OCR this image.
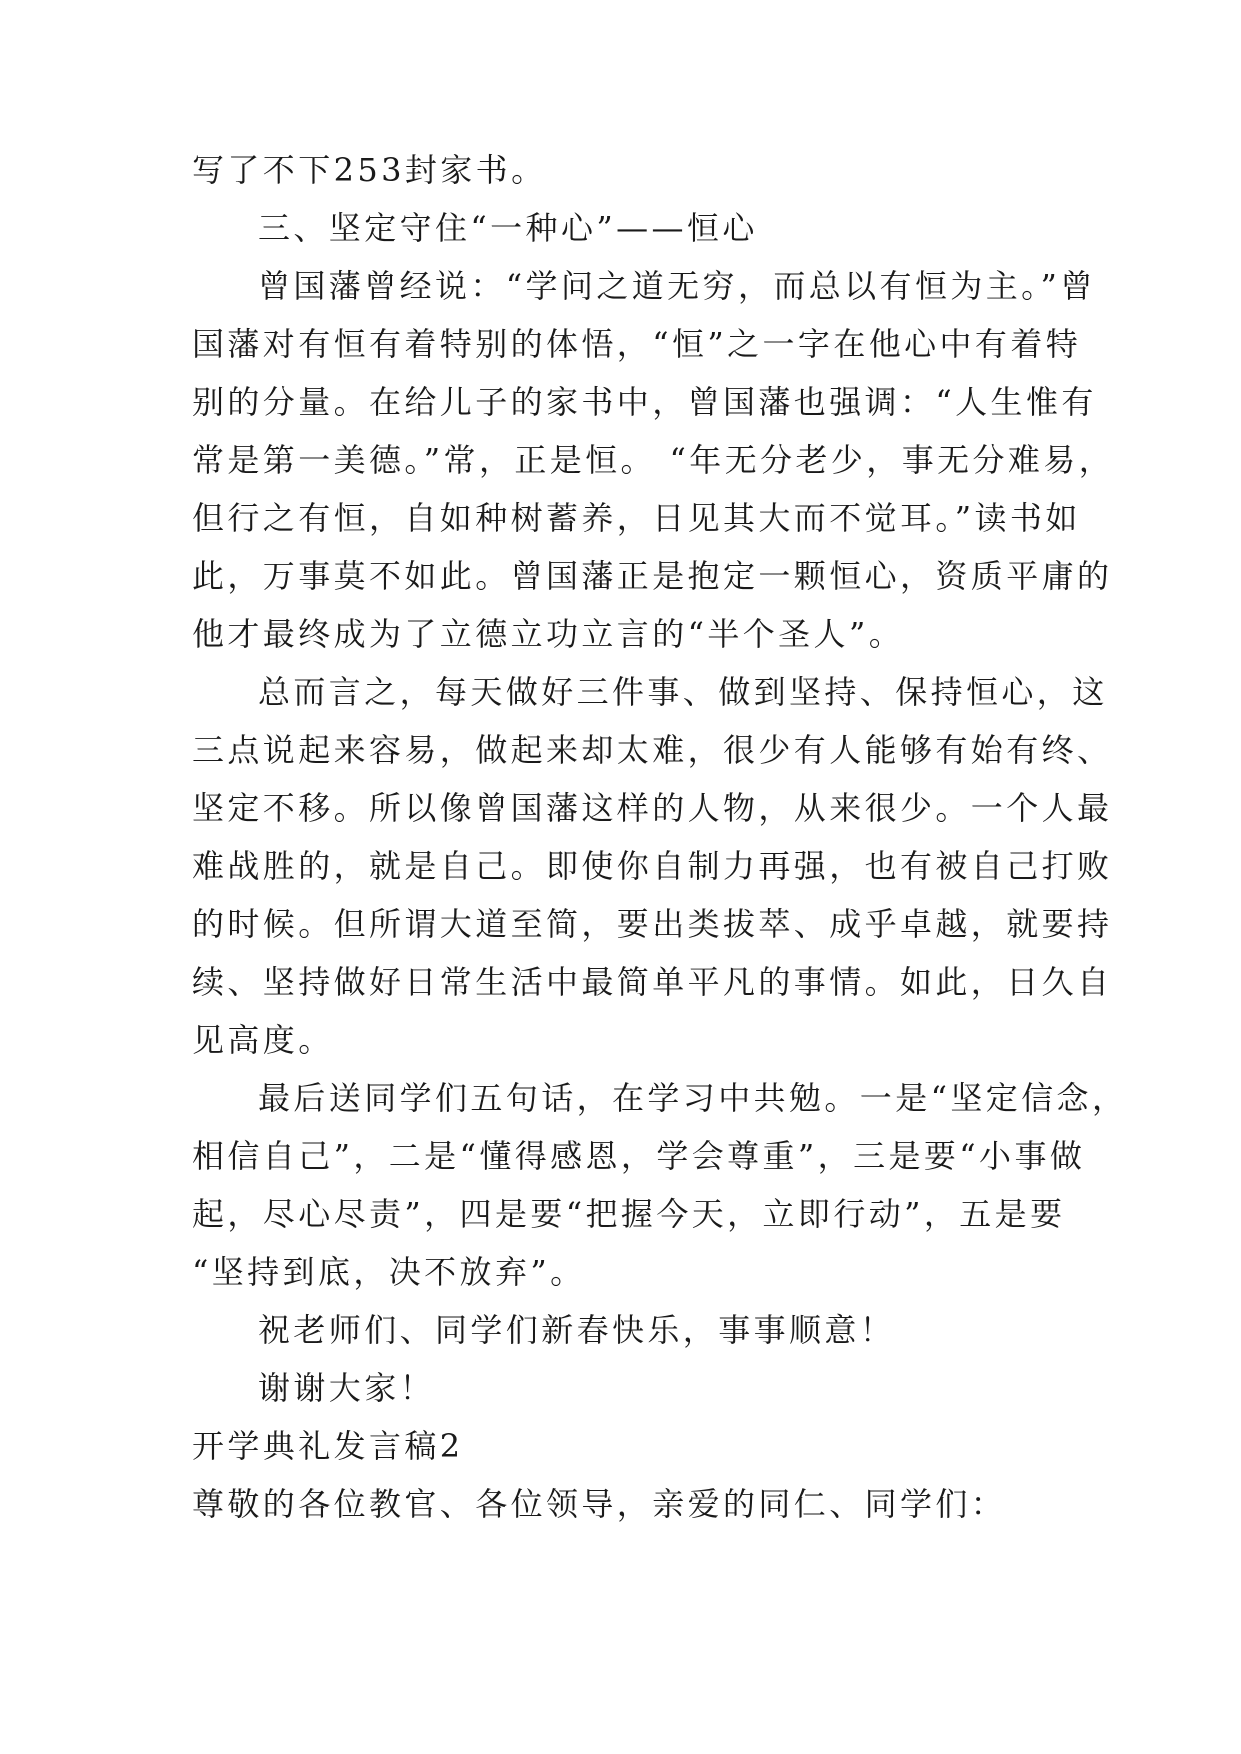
写了不下253封家书。
三、坚定守住“一种心”——恒心
曾国藩曾经说：“学问之道无穷，而总以有恒为主。”曾
国藩对有恒有着特别的体悟，“恒”之一字在他心中有着特
别的分量。在给儿子的家书中，曾国藩也强调：“人生惟有
常是第一美德。”常，正是恒。 “年无分老少，事无分难易，
但行之有恒，自如种树蓄养，日见其大而不觉耳。”读书如
此，万事莫不如此。曾国藩正是抱定一颗恒心，资质平庸的
他才最终成为了立德立功立言的“半个圣人”。
总而言之，每天做好三件事、做到坚持、保持恒心，这
三点说起来容易，做起来却太难，很少有人能够有始有终、
坚定不移。所以像曾国藩这样的人物，从来很少。一个人最
难战胜的，就是自己。即使你自制力再强，也有被自己打败
的时候。但所谓大道至简，要出类拔萃、成乎卓越，就要持
续、坚持做好日常生活中最简单平凡的事情。如此，日久自
见高度。
最后送同学们五句话，在学习中共勉。一是“坚定信念，
相信自己”，二是“懂得感恩，学会尊重”，三是要“小事做
起，尽心尽责”，四是要“把握今天，立即行动”，五是要
“坚持到底，决不放弃”。
祝老师们、同学们新春快乐，事事顺意！
谢谢大家！
开学典礼发言稿2
尊敬的各位教官、各位领导，亲爱的同仁、同学们：
